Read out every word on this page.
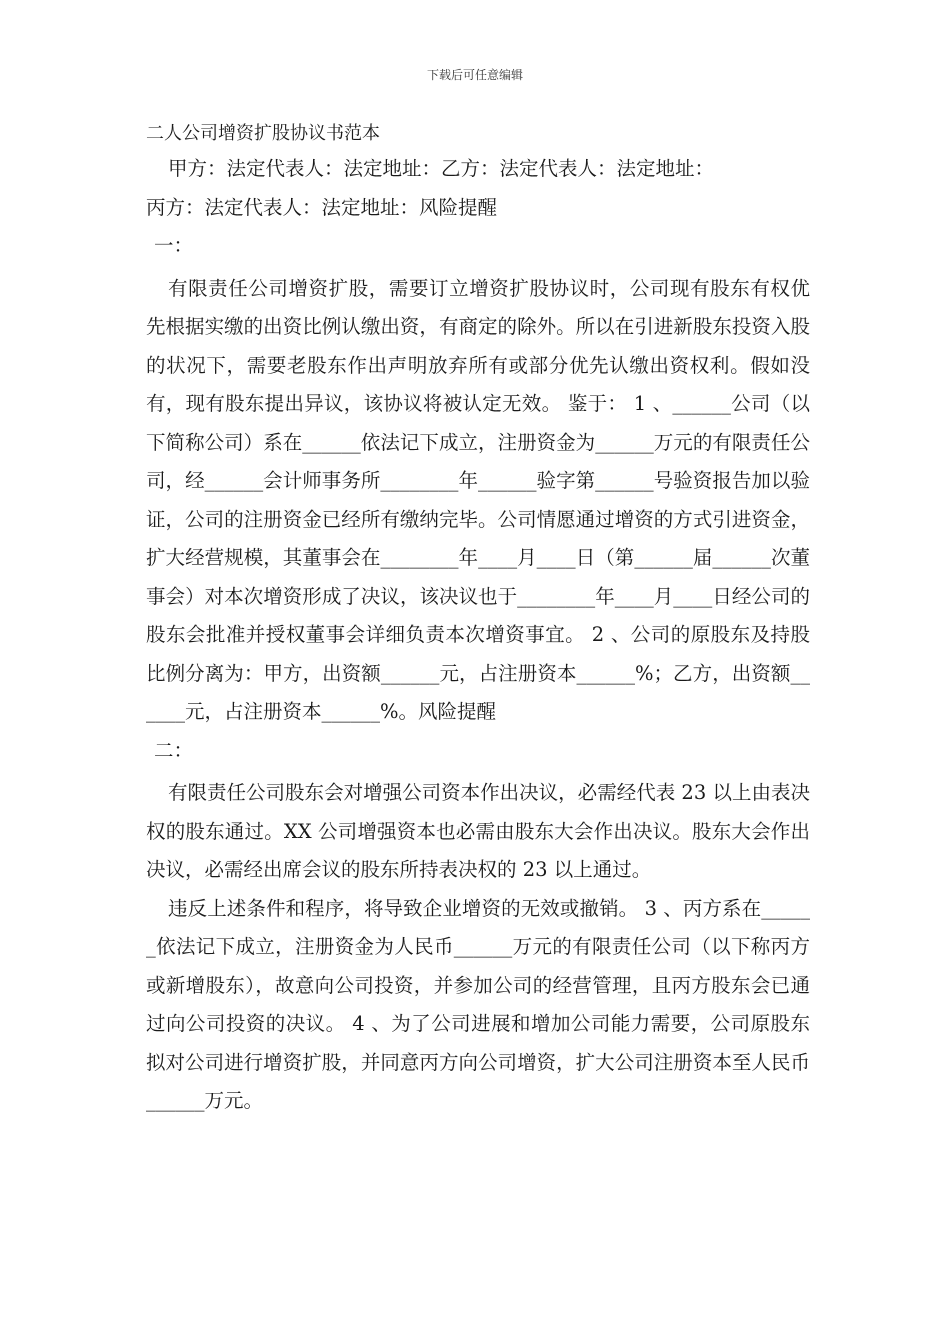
下载后可任意编辑

二人公司增资扩股协议书范本

甲方：法定代表人：法定地址：乙方：法定代表人：法定地址：

丙方：法定代表人：法定地址：风险提醒

一：

有限责任公司增资扩股，需要订立增资扩股协议时，公司现有股东有权优先根据实缴的出资比例认缴出资，有商定的除外。所以在引进新股东投资入股的状况下，需要老股东作出声明放弃所有或部分优先认缴出资权利。假如没有，现有股东提出异议，该协议将被认定无效。 鉴于： 1 、______公司（以下简称公司）系在______依法记下成立，注册资金为______万元的有限责任公司，经______会计师事务所________年______验字第______号验资报告加以验证，公司的注册资金已经所有缴纳完毕。公司情愿通过增资的方式引进资金，扩大经营规模，其董事会在________年____月____日（第______届______次董事会）对本次增资形成了决议，该决议也于________年____月____日经公司的股东会批准并授权董事会详细负责本次增资事宜。 2 、公司的原股东及持股比例分离为：甲方，出资额______元，占注册资本______%；乙方，出资额______元，占注册资本______%。风险提醒

二：

有限责任公司股东会对增强公司资本作出决议，必需经代表 23 以上由表决权的股东通过。XX 公司增强资本也必需由股东大会作出决议。股东大会作出决议，必需经出席会议的股东所持表决权的 23 以上通过。

违反上述条件和程序，将导致企业增资的无效或撤销。 3 、丙方系在______依法记下成立，注册资金为人民币______万元的有限责任公司（以下称丙方或新增股东），故意向公司投资，并参加公司的经营管理，且丙方股东会已通过向公司投资的决议。 4 、为了公司进展和增加公司能力需要，公司原股东拟对公司进行增资扩股，并同意丙方向公司增资，扩大公司注册资本至人民币______万元。
